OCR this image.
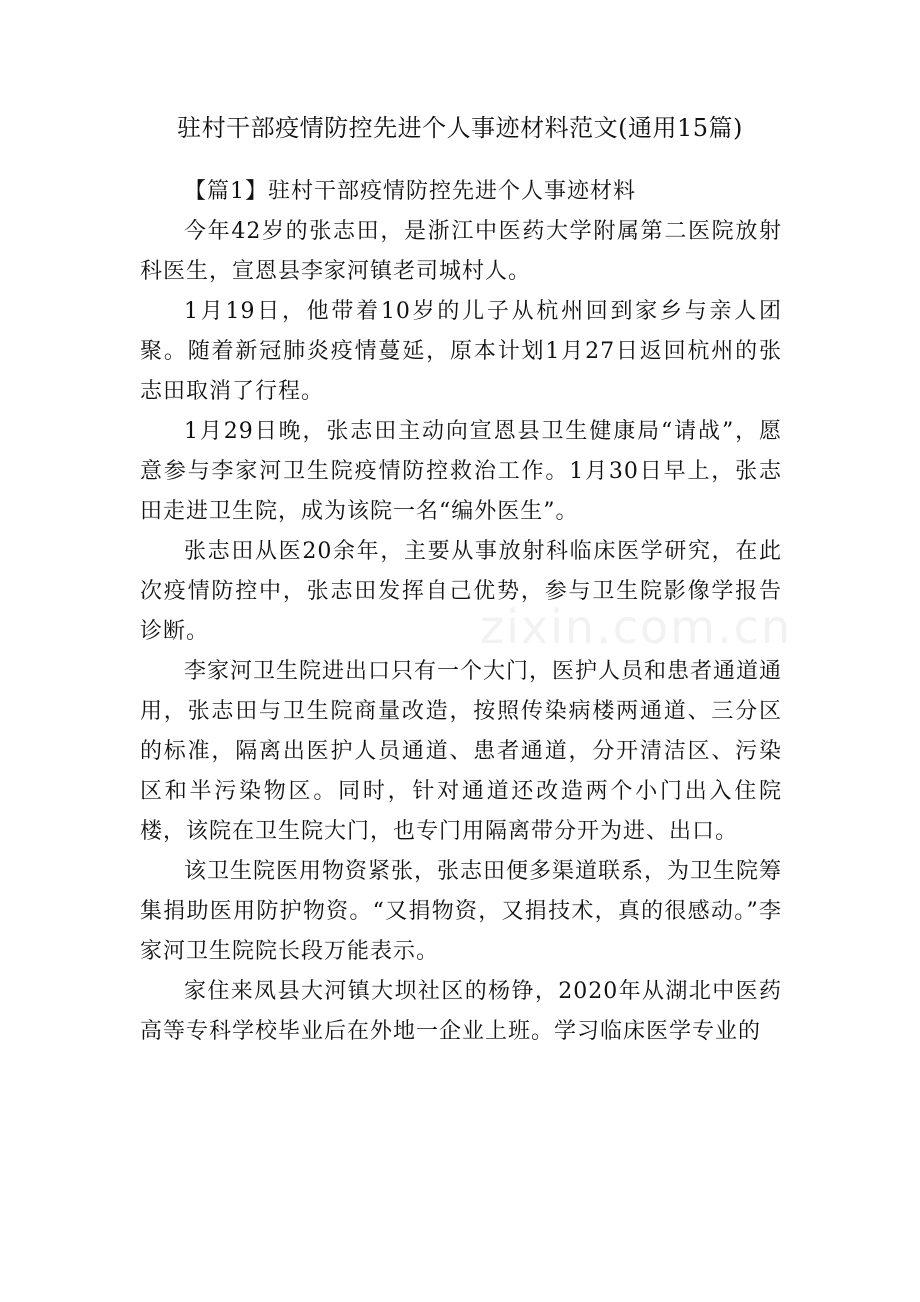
驻村干部疫情防控先进个人事迹材料范文(通用15篇)

【篇1】驻村干部疫情防控先进个人事迹材料

今年42岁的张志田，是浙江中医药大学附属第二医院放射科医生，宣恩县李家河镇老司城村人。

1月19日，他带着10岁的儿子从杭州回到家乡与亲人团聚。随着新冠肺炎疫情蔓延，原本计划1月27日返回杭州的张志田取消了行程。

1月29日晚，张志田主动向宣恩县卫生健康局“请战”，愿意参与李家河卫生院疫情防控救治工作。1月30日早上，张志田走进卫生院，成为该院一名“编外医生”。

张志田从医20余年，主要从事放射科临床医学研究，在此次疫情防控中，张志田发挥自己优势，参与卫生院影像学报告诊断。

李家河卫生院进出口只有一个大门，医护人员和患者通道通用，张志田与卫生院商量改造，按照传染病楼两通道、三分区的标准，隔离出医护人员通道、患者通道，分开清洁区、污染区和半污染物区。同时，针对通道还改造两个小门出入住院楼，该院在卫生院大门，也专门用隔离带分开为进、出口。

该卫生院医用物资紧张，张志田便多渠道联系，为卫生院筹集捐助医用防护物资。“又捐物资，又捐技术，真的很感动。”李家河卫生院院长段万能表示。

家住来凤县大河镇大坝社区的杨铮，2020年从湖北中医药高等专科学校毕业后在外地一企业上班。学习临床医学专业的

zixin.com.cn
